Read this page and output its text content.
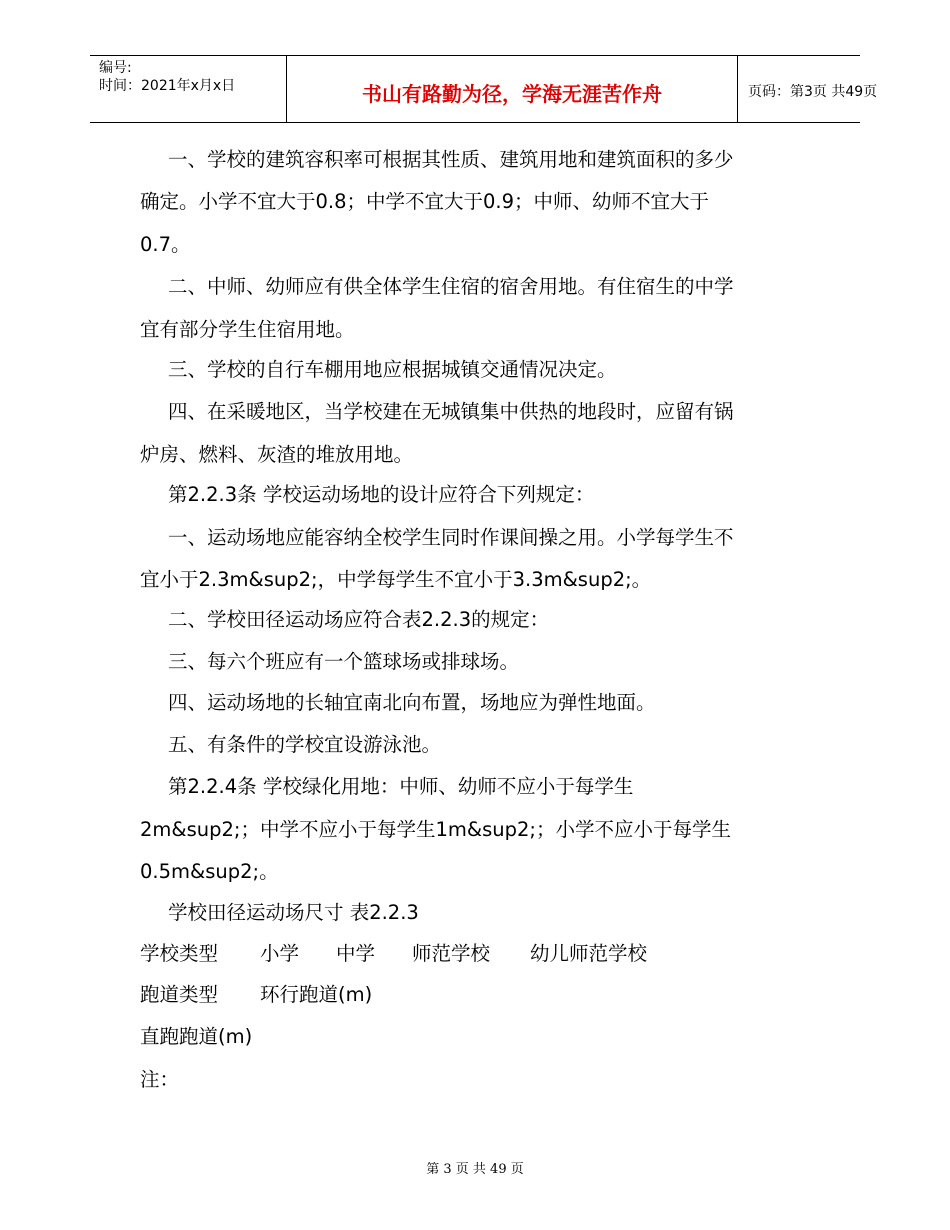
编号:
时间：2021年x月x日	书山有路勤为径，学海无涯苦作舟	页码：第3页 共49页
一、学校的建筑容积率可根据其性质、建筑用地和建筑面积的多少
确定。小学不宜大于0.8；中学不宜大于0.9；中师、幼师不宜大于
0.7。
二、中师、幼师应有供全体学生住宿的宿舍用地。有住宿生的中学
宜有部分学生住宿用地。
三、学校的自行车棚用地应根据城镇交通情况决定。
四、在采暖地区，当学校建在无城镇集中供热的地段时，应留有锅
炉房、燃料、灰渣的堆放用地。
第2.2.3条 学校运动场地的设计应符合下列规定：
一、运动场地应能容纳全校学生同时作课间操之用。小学每学生不
宜小于2.3m&sup2;，中学每学生不宜小于3.3m&sup2;。
二、学校田径运动场应符合表2.2.3的规定：
三、每六个班应有一个篮球场或排球场。
四、运动场地的长轴宜南北向布置，场地应为弹性地面。
五、有条件的学校宜设游泳池。
第2.2.4条 学校绿化用地：中师、幼师不应小于每学生
2m&sup2;；中学不应小于每学生1m&sup2;；小学不应小于每学生
0.5m&sup2;。
学校田径运动场尺寸 表2.2.3
学校类型 小学 中学 师范学校 幼儿师范学校
跑道类型 环行跑道(m)
直跑跑道(m)
注：
第 3 页 共 49 页
